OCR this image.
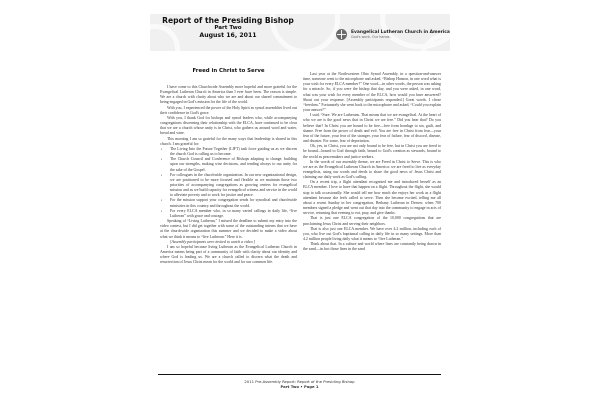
Report of the Presiding Bishop
Part Two
August 16, 2011	Evangelical Lutheran Church in America
God's work. Our hands.
Freed in Christ to Serve

I have come to this Churchwide Assembly more hopeful and more grateful for the Evangelical Lutheran Church in America than I ever have been. The reason is simple. We are a church with clarity about who we are and about our shared commitment to being engaged in God's mission for the life of the world.

With you, I experienced the power of the Holy Spirit as synod assemblies lived out their confidence in God's grace.

With you, I thank God for bishops and synod leaders who, while accompanying congregations discerning their relationship with the ELCA, have continued to be clear that we are a church whose unity is in Christ, who gathers us around word and water, bread and wine.

This morning I am so grateful for the many ways that leadership is shared in this church. I am grateful for:

▪ The Living Into the Future Together (LIFT) task force guiding us as we discern the church God is calling us to become.
▪ The Church Council and Conference of Bishops adapting to change, building upon our strengths, making wise decisions, and tending always to our unity for the sake of the Gospel.
▪ For colleagues in the churchwide organization. In our new organizational design, we are positioned to be more focused and flexible as we maintain those two priorities of accompanying congregations as growing centers for evangelical mission and as we build capacity for evangelical witness and service in the world to alleviate poverty and to work for justice and peace.
▪ For the mission support your congregation sends for synodical and churchwide ministries in this country and throughout the world.
▪ For every ELCA member who, in so many varied callings in daily life, “live Lutheran” with grace and courage.

Speaking of “Living Lutheran,” I missed the deadline to submit my entry into the video contest, but I did get together with some of the outstanding interns that we have at the churchwide organization this summer and we decided to make a video about what we think it means to “live Lutheran.” Here it is.

[Assembly participants were invited to watch a video.]

I am so hopeful because living Lutheran as the Evangelical Lutheran Church in America means being part of a community of faith with clarity about our identity and where God is leading us. We are a church called to discern what the death and resurrection of Jesus Christ mean for the world and for our common life.

Last year at the Northwestern Ohio Synod Assembly, in a question-and-answer time, someone went to the microphone and asked, “Bishop Hanson, in one word what is your wish for every ELCA member?” One word—in other words, the person was asking for a miracle. So, if you were the bishop that day, and you were asked, in one word, what was your wish for every member of the ELCA, how would you have answered? Shout out your response. [Assembly participants responded.] Great words. I chose “freedom.” Fortunately she went back to the microphone and asked, “Could you explain your answer?”

I said, “Sure. We are Lutherans. That means that we are evangelical. At the heart of who we are is the good news that in Christ we are free.” Did you hear that? Do you believe that? In Christ you are bound to be free—free from bondage to sin, guilt, and shame. Free from the power of death and evil. You are free in Christ from fear—your fear of the future, your fear of the stranger, your fear of failure, fear of discord, disease, and disaster. For some, fear of deportation.

Oh, yes, in Christ, you are not only bound to be free, but in Christ you are freed to be bound—bound to God through faith, bound to God's creation as stewards, bound to the world as peacemakers and justice seekers.

In the words of our assembly theme, we are Freed in Christ to Serve. This is who we are as the Evangelical Lutheran Church in America: we are freed to live as everyday evangelists, using our words and deeds to share the good news of Jesus Christ and claiming our daily work as God's calling.

On a recent trip, a flight attendant recognized me and introduced herself as an ELCA member. I love to have that happen on a flight. Throughout the flight, she would stop to talk occasionally. She would tell me how much she enjoys her work as a flight attendant because she feels called to serve. Then she became excited, telling me all about a recent Sunday in her congregation, Bethany Lutheran in Denver, when 700 members signed a pledge and went out that day into the community to engage in acts of service, returning that evening to eat, pray, and give thanks.

That is just one ELCA congregation of the 10,000 congregations that are proclaiming Jesus Christ and serving their neighbors.

That is also just one ELCA member. We have over 4.2 million, including each of you, who live out God's baptismal calling in daily life in so many settings. More than 4.2 million people living daily what it means to “live Lutheran.”

Think about that. In a culture and world where lines are constantly being drawn in the sand—in fact those lines in the sand

2011 Pre-Assembly Report: Report of the Presiding Bishop
Part Two • Page 1
